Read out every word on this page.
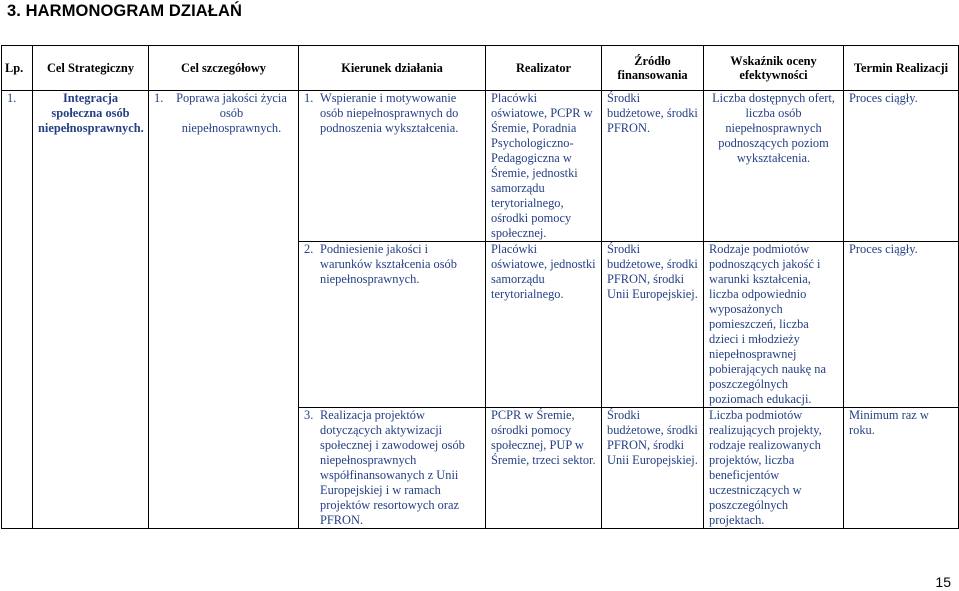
3. HARMONOGRAM DZIAŁAŃ
Lp.	Cel Strategiczny	Cel szczegółowy	Kierunek działania	Realizator	Źródło finansowania	Wskaźnik oceny efektywności	Termin Realizacji
1.	Integracja społeczna osób niepełnosprawnych.	1. Poprawa jakości życia osób niepełnosprawnych.	1. Wspieranie i motywowanie osób niepełnosprawnych do podnoszenia wykształcenia.	Placówki oświatowe, PCPR w Śremie, Poradnia Psychologiczno-Pedagogiczna w Śremie, jednostki samorządu terytorialnego, ośrodki pomocy społecznej.	Środki budżetowe, środki PFRON.	Liczba dostępnych ofert, liczba osób niepełnosprawnych podnoszących poziom wykształcenia.	Proces ciągły.

			2. Podniesienie jakości i warunków kształcenia osób niepełnosprawnych.	Placówki oświatowe, jednostki samorządu terytorialnego.	Środki budżetowe, środki PFRON, środki Unii Europejskiej.	Rodzaje podmiotów podnoszących jakość i warunki kształcenia, liczba odpowiednio wyposażonych pomieszczeń, liczba dzieci i młodzieży niepełnosprawnej pobierających naukę na poszczególnych poziomach edukacji.	Proces ciągły.

			3. Realizacja projektów dotyczących aktywizacji społecznej i zawodowej osób niepełnosprawnych współfinansowanych z Unii Europejskiej i w ramach projektów resortowych oraz PFRON.	PCPR w Śremie, ośrodki pomocy społecznej, PUP w Śremie, trzeci sektor.	Środki budżetowe, środki PFRON, środki Unii Europejskiej.	Liczba podmiotów realizujących projekty, rodzaje realizowanych projektów, liczba beneficjentów uczestniczących w poszczególnych projektach.	Minimum raz w roku.
15
